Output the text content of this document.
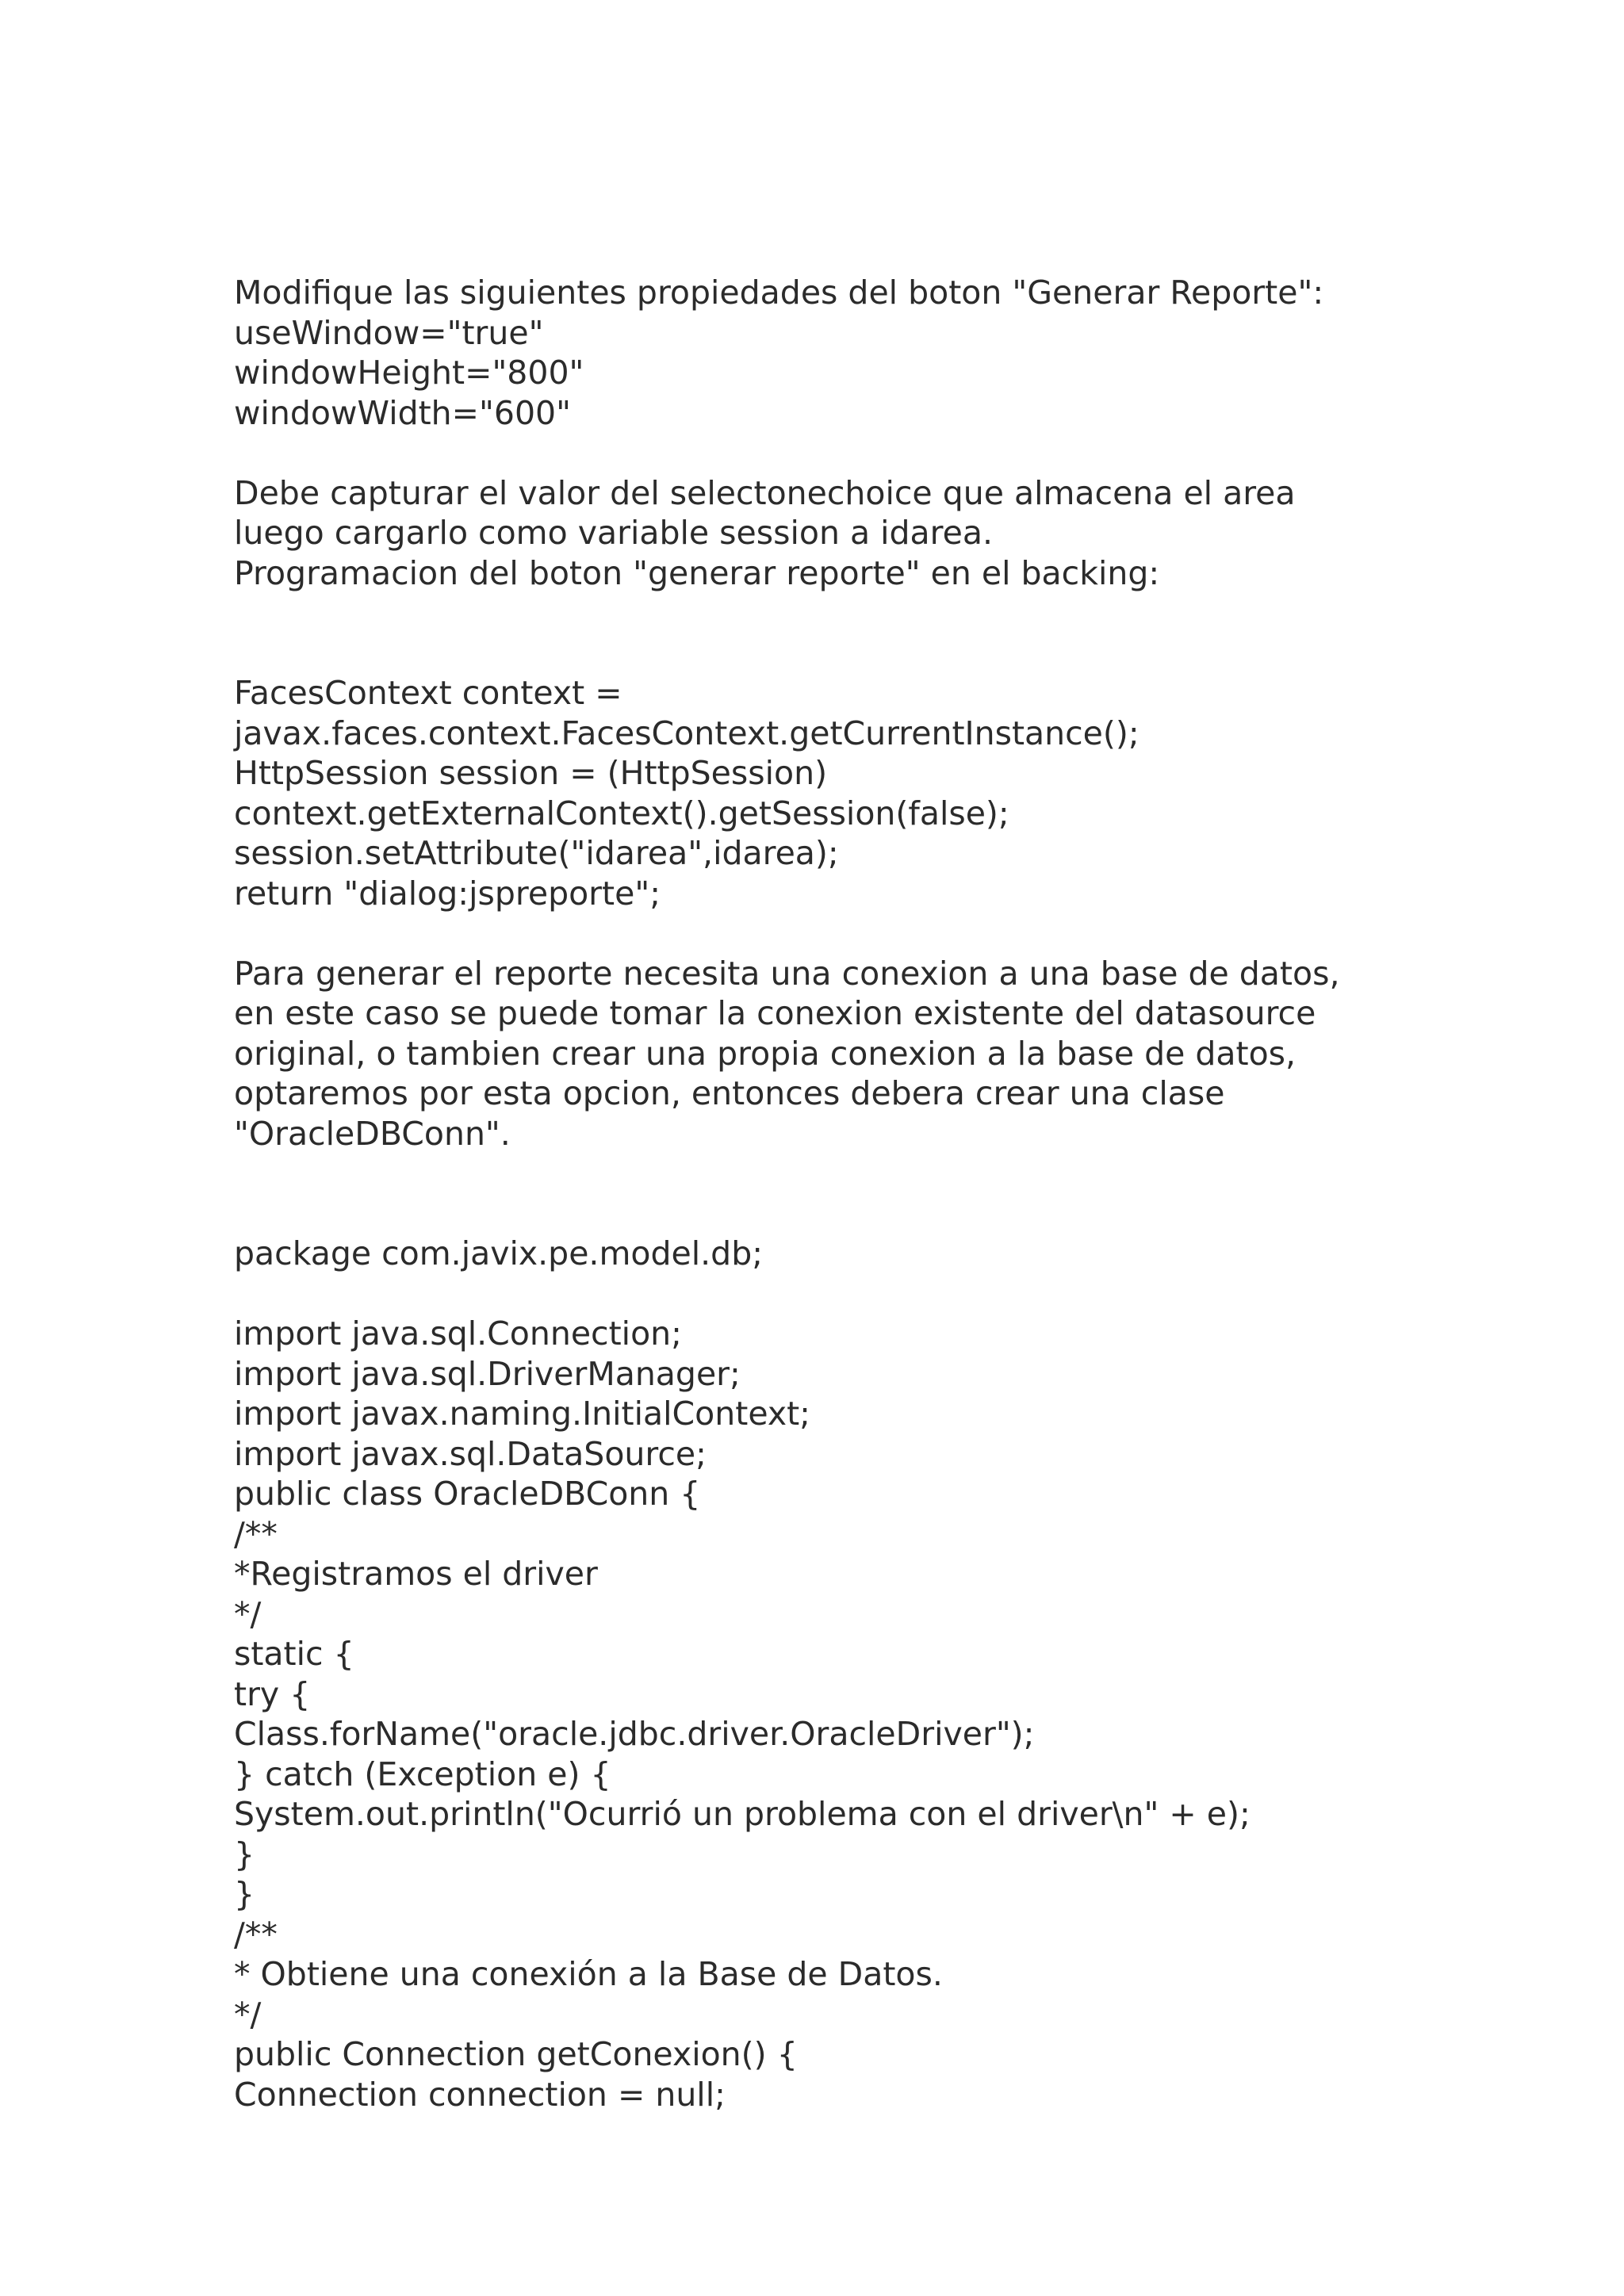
Modifique las siguientes propiedades del boton "Generar Reporte":
useWindow="true"
windowHeight="800"
windowWidth="600"
Debe capturar el valor del selectonechoice que almacena el area
luego cargarlo como variable session a idarea.
Programacion del boton "generar reporte" en el backing:
FacesContext context =
javax.faces.context.FacesContext.getCurrentInstance();
HttpSession session = (HttpSession)
context.getExternalContext().getSession(false);
session.setAttribute("idarea",idarea);
return "dialog:jspreporte";
Para generar el reporte necesita una conexion a una base de datos,
en este caso se puede tomar la conexion existente del datasource
original, o tambien crear una propia conexion a la base de datos,
optaremos por esta opcion, entonces debera crear una clase
"OracleDBConn".
package com.javix.pe.model.db;
import java.sql.Connection;
import java.sql.DriverManager;
import javax.naming.InitialContext;
import javax.sql.DataSource;
public class OracleDBConn {
/**
*Registramos el driver
*/
static {
try {
Class.forName("oracle.jdbc.driver.OracleDriver");
} catch (Exception e) {
System.out.println("Ocurrió un problema con el driver\n" + e);
}
}
/**
* Obtiene una conexión a la Base de Datos.
*/
public Connection getConexion() {
Connection connection = null;
